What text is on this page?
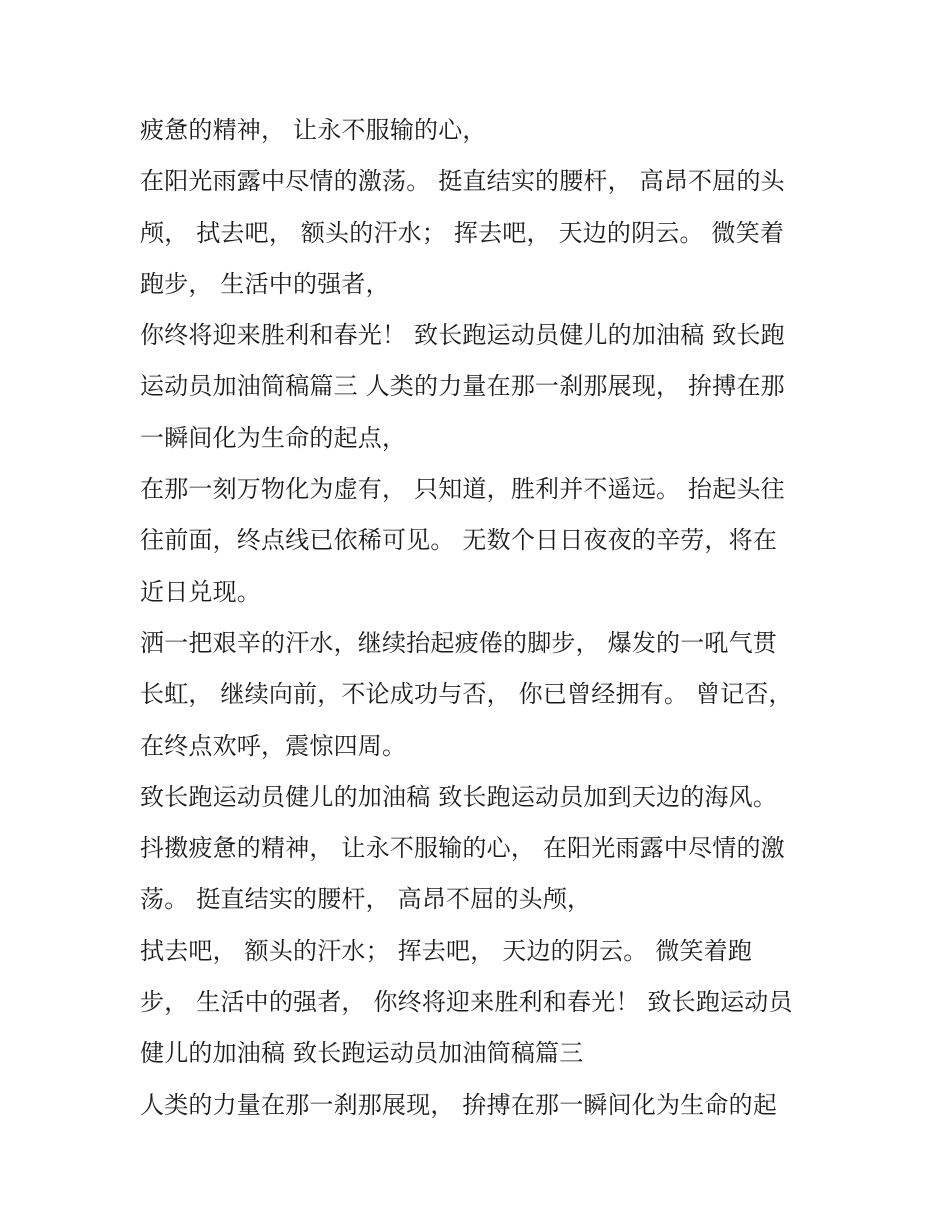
疲惫的精神， 让永不服输的心，
在阳光雨露中尽情的激荡。 挺直结实的腰杆， 高昂不屈的头
颅， 拭去吧， 额头的汗水； 挥去吧， 天边的阴云。 微笑着
跑步， 生活中的强者，
你终将迎来胜利和春光！ 致长跑运动员健儿的加油稿 致长跑
运动员加油简稿篇三 人类的力量在那一刹那展现， 拚搏在那
一瞬间化为生命的起点，
在那一刻万物化为虚有， 只知道，胜利并不遥远。 抬起头往
往前面，终点线已依稀可见。 无数个日日夜夜的辛劳，将在
近日兑现。
洒一把艰辛的汗水，继续抬起疲倦的脚步， 爆发的一吼气贯
长虹， 继续向前，不论成功与否， 你已曾经拥有。 曾记否，
在终点欢呼，震惊四周。
致长跑运动员健儿的加油稿 致长跑运动员加到天边的海风。
抖擞疲惫的精神， 让永不服输的心， 在阳光雨露中尽情的激
荡。 挺直结实的腰杆， 高昂不屈的头颅，
拭去吧， 额头的汗水； 挥去吧， 天边的阴云。 微笑着跑
步， 生活中的强者， 你终将迎来胜利和春光！ 致长跑运动员
健儿的加油稿 致长跑运动员加油简稿篇三
人类的力量在那一刹那展现， 拚搏在那一瞬间化为生命的起
